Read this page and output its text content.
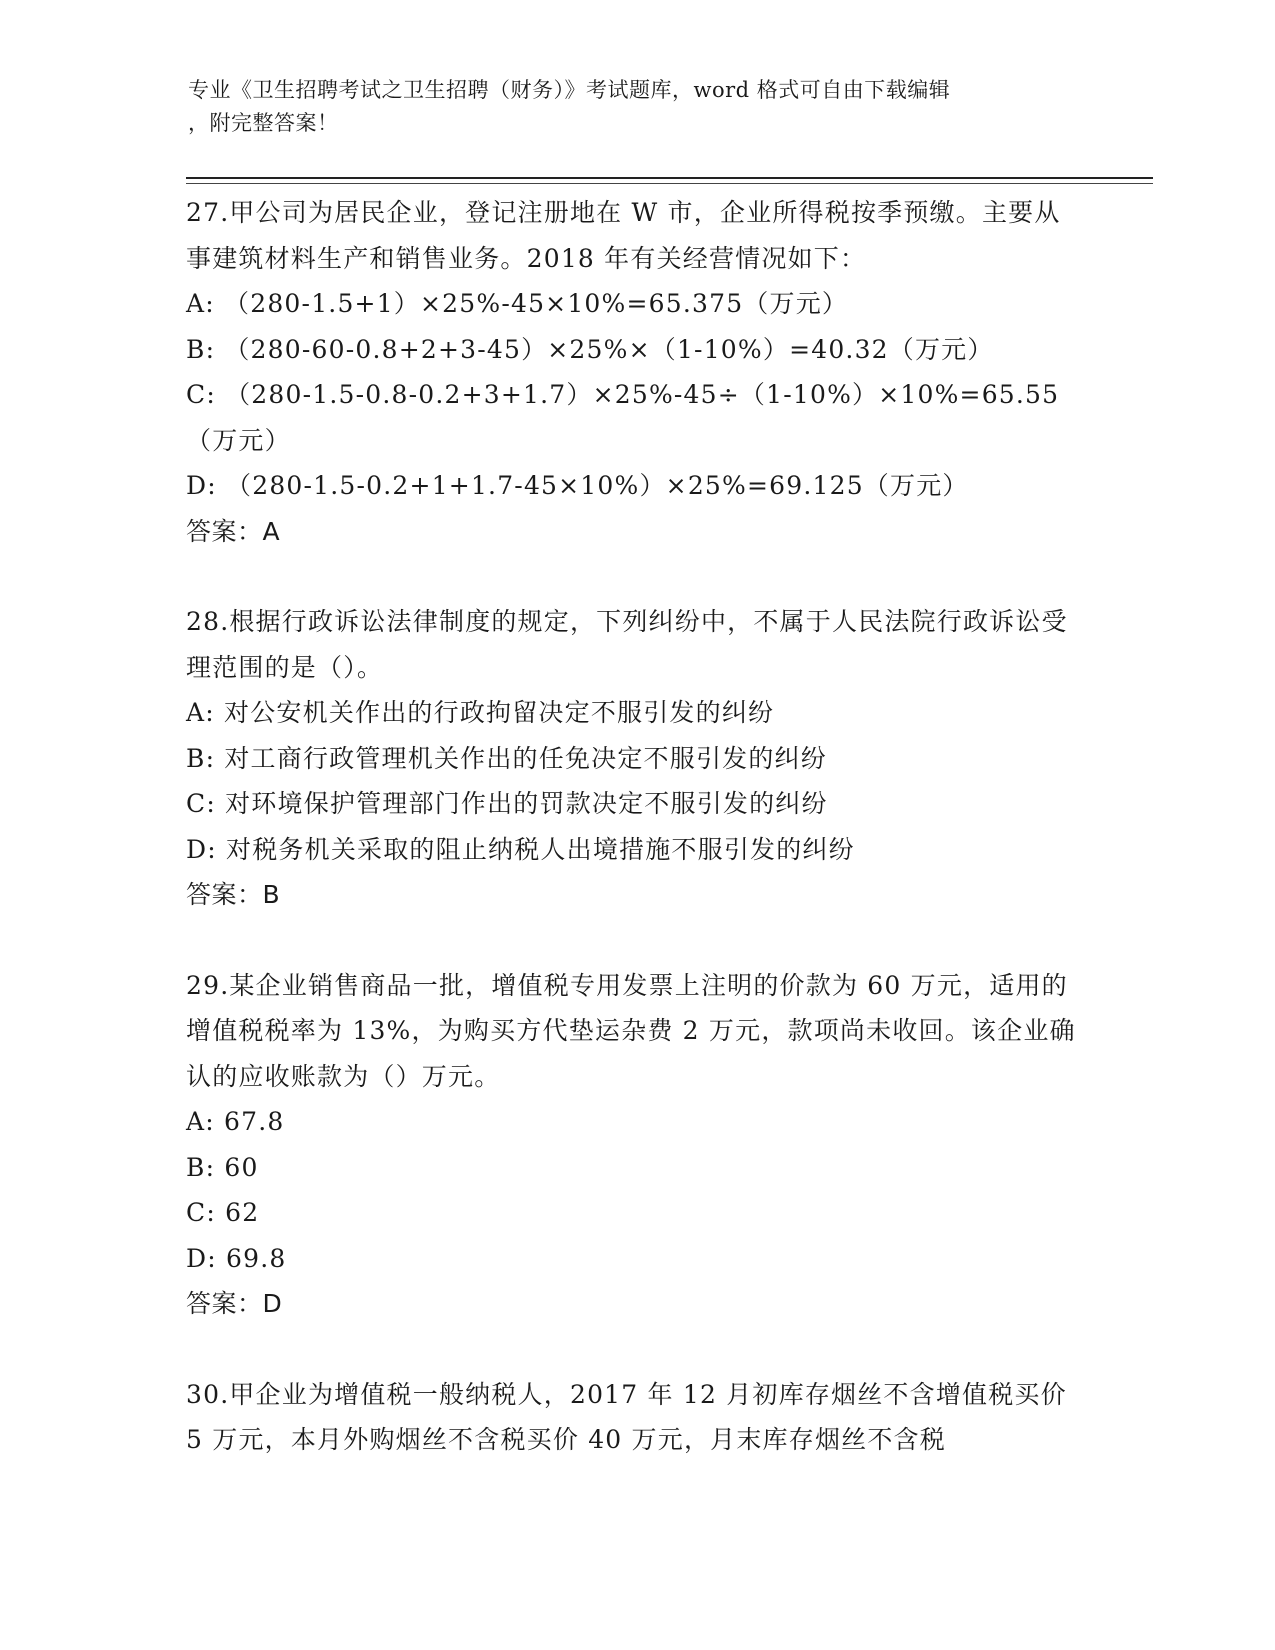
专业《卫生招聘考试之卫生招聘（财务）》考试题库，word 格式可自由下载编辑
，附完整答案！

27.甲公司为居民企业，登记注册地在 W 市，企业所得税按季预缴。主要从事建筑材料生产和销售业务。2018 年有关经营情况如下：

A: （280-1.5+1）×25%-45×10%=65.375（万元）

B: （280-60-0.8+2+3-45）×25%×（1-10%）=40.32（万元）

C: （280-1.5-0.8-0.2+3+1.7）×25%-45÷（1-10%）×10%=65.55（万元）

D: （280-1.5-0.2+1+1.7-45×10%）×25%=69.125（万元）

答案：A

28.根据行政诉讼法律制度的规定，下列纠纷中，不属于人民法院行政诉讼受理范围的是（）。

A: 对公安机关作出的行政拘留决定不服引发的纠纷

B: 对工商行政管理机关作出的任免决定不服引发的纠纷

C: 对环境保护管理部门作出的罚款决定不服引发的纠纷

D: 对税务机关采取的阻止纳税人出境措施不服引发的纠纷

答案：B

29.某企业销售商品一批，增值税专用发票上注明的价款为 60 万元，适用的增值税税率为 13%，为购买方代垫运杂费 2 万元，款项尚未收回。该企业确认的应收账款为（）万元。

A: 67.8

B: 60

C: 62

D: 69.8

答案：D

30.甲企业为增值税一般纳税人，2017 年 12 月初库存烟丝不含增值税买价 5 万元，本月外购烟丝不含税买价 40 万元，月末库存烟丝不含税
